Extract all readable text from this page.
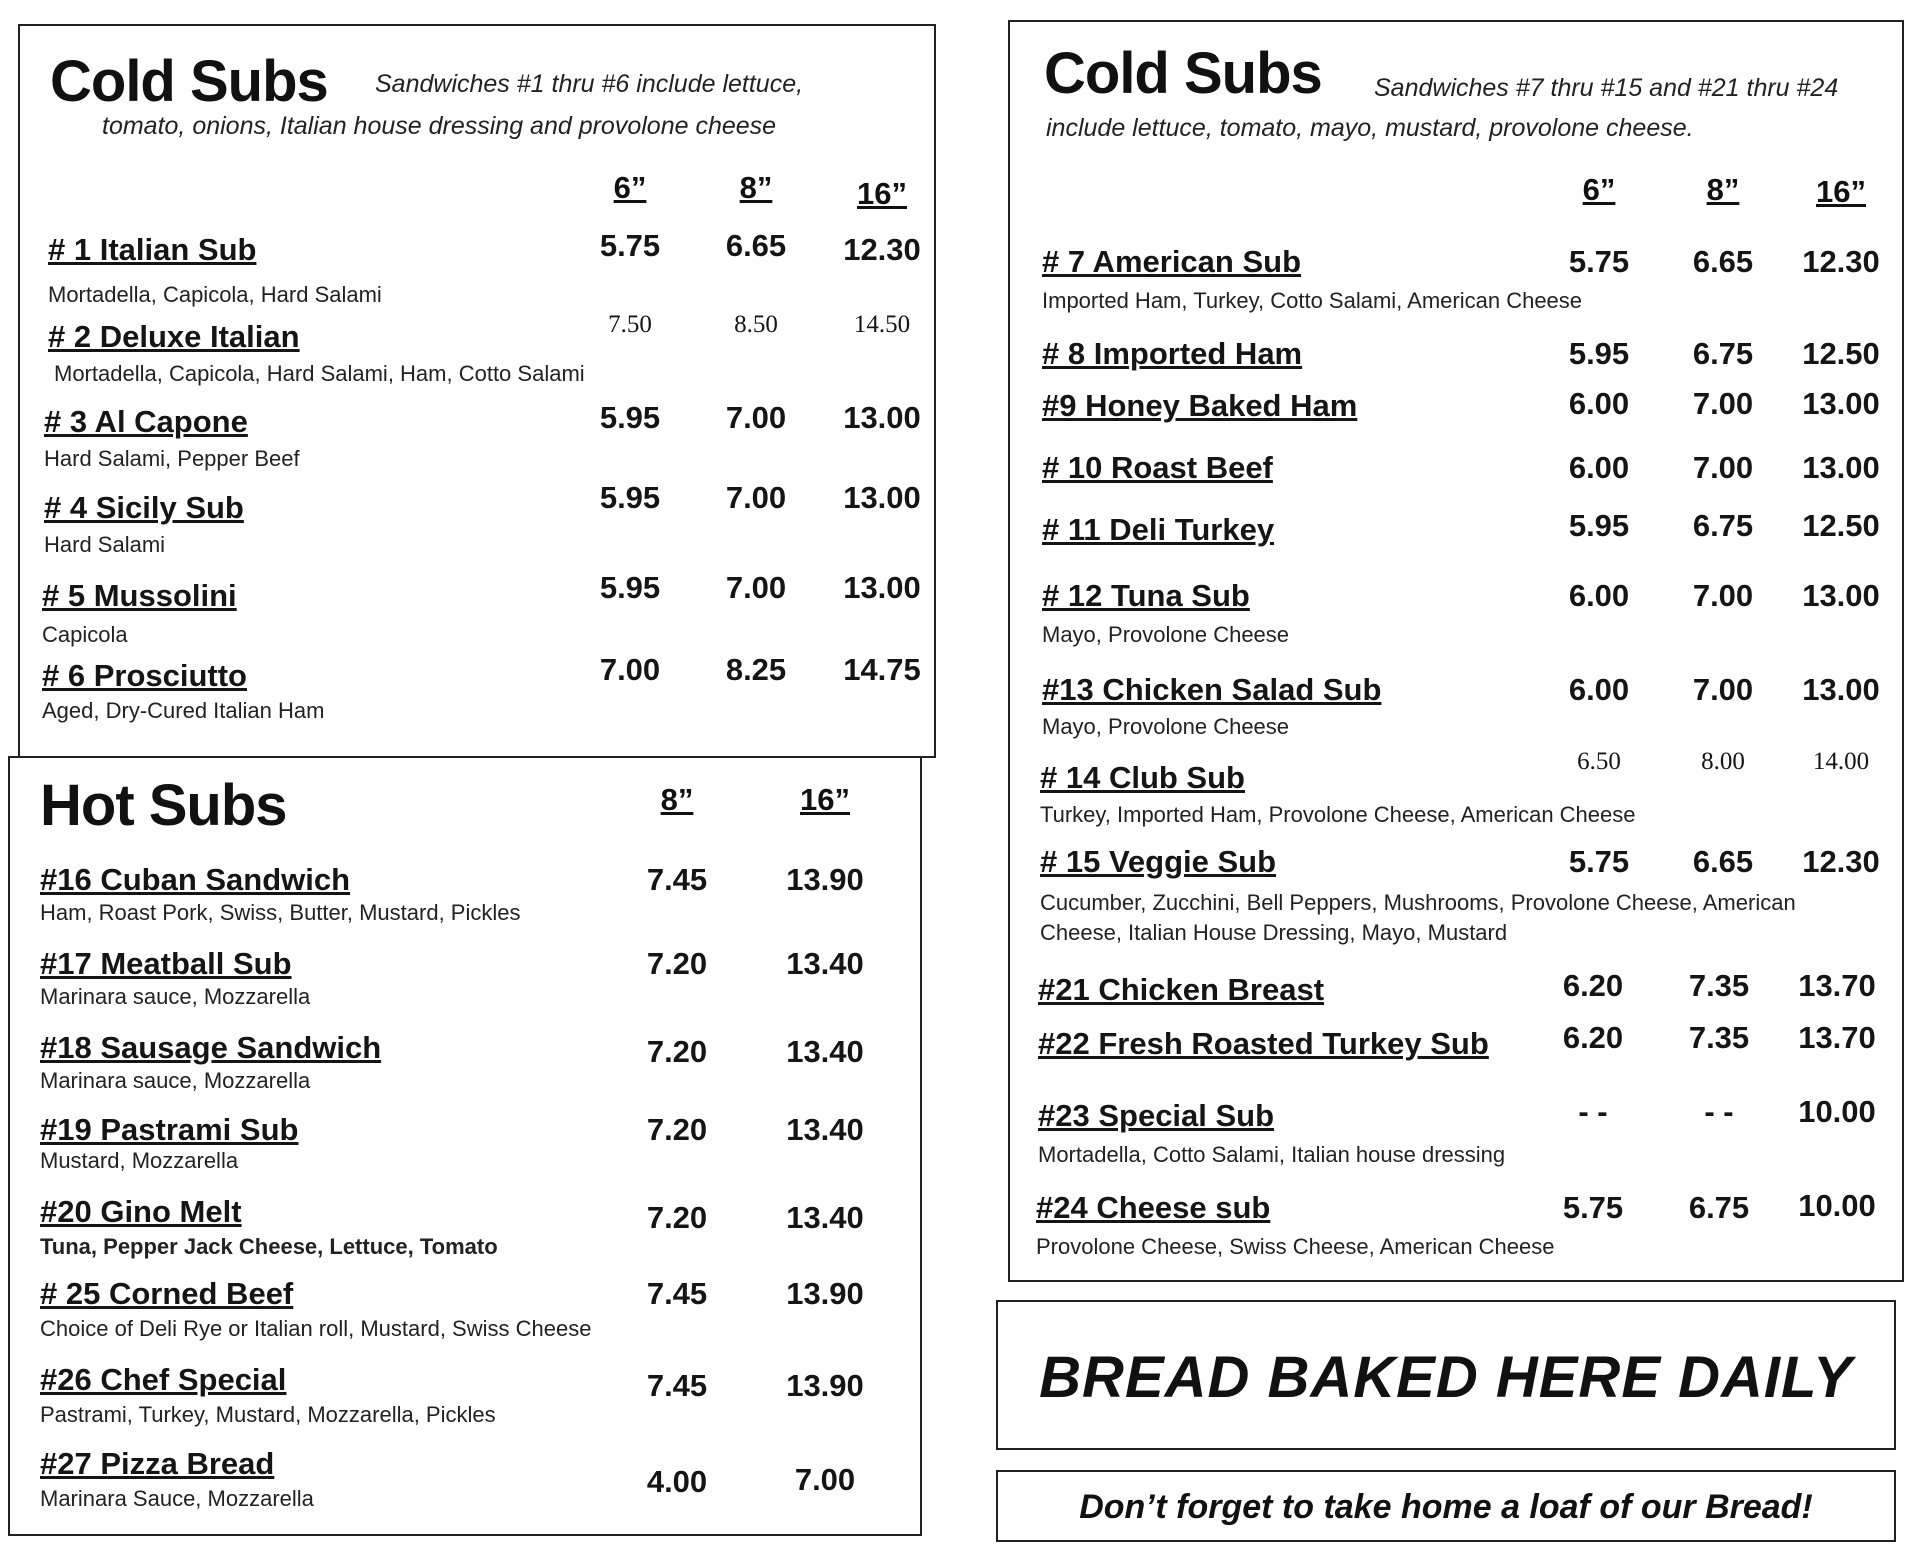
Cold Subs Sandwiches #1 thru #6 include lettuce,
tomato, onions, Italian house dressing and provolone cheese
6”	8”	16”
# 1 Italian Sub
Mortadella, Capicola, Hard Salami
5.75	6.65	12.30
# 2 Deluxe Italian
Mortadella, Capicola, Hard Salami, Ham, Cotto Salami
7.50	8.50	14.50
# 3 Al Capone
Hard Salami, Pepper Beef
5.95	7.00	13.00
# 4 Sicily Sub
Hard Salami
5.95	7.00	13.00
# 5 Mussolini
Capicola
5.95	7.00	13.00
# 6 Prosciutto
Aged, Dry-Cured Italian Ham
7.00	8.25	14.75
Hot Subs	8”	16”
#16 Cuban Sandwich
Ham, Roast Pork, Swiss, Butter, Mustard, Pickles
7.45	13.90
#17 Meatball Sub
Marinara sauce, Mozzarella
7.20	13.40
#18 Sausage Sandwich
Marinara sauce, Mozzarella
7.20	13.40
#19 Pastrami Sub
Mustard, Mozzarella
7.20	13.40
#20 Gino Melt
Tuna, Pepper Jack Cheese, Lettuce, Tomato
7.20	13.40
# 25 Corned Beef
Choice of Deli Rye or Italian roll, Mustard, Swiss Cheese
7.45	13.90
#26 Chef Special
Pastrami, Turkey, Mustard, Mozzarella, Pickles
7.45	13.90
#27 Pizza Bread
Marinara Sauce, Mozzarella	4.00	7.00
Cold Subs Sandwiches #7 thru #15 and #21 thru #24
include lettuce, tomato, mayo, mustard, provolone cheese.
6”	8”	16”
# 7 American Sub
Imported Ham, Turkey, Cotto Salami, American Cheese
5.75	6.65	12.30
# 8 Imported Ham	5.95	6.75	12.50
#9 Honey Baked Ham	6.00	7.00	13.00
# 10 Roast Beef	6.00	7.00	13.00
# 11 Deli Turkey	5.95	6.75	12.50
# 12 Tuna Sub
Mayo, Provolone Cheese
6.00	7.00	13.00
#13 Chicken Salad Sub
Mayo, Provolone Cheese
6.00	7.00	13.00
# 14 Club Sub
Turkey, Imported Ham, Provolone Cheese, American Cheese
6.50	8.00	14.00
# 15 Veggie Sub
Cucumber, Zucchini, Bell Peppers, Mushrooms, Provolone Cheese, American
Cheese, Italian House Dressing, Mayo, Mustard
5.75	6.65	12.30
#21 Chicken Breast	6.20	7.35	13.70
#22 Fresh Roasted Turkey Sub	6.20	7.35	13.70
#23 Special Sub
Mortadella, Cotto Salami, Italian house dressing
- -	- -	10.00
#24 Cheese sub
Provolone Cheese, Swiss Cheese, American Cheese
5.75	6.75	10.00
BREAD BAKED HERE DAILY
Don’t forget to take home a loaf of our Bread!
